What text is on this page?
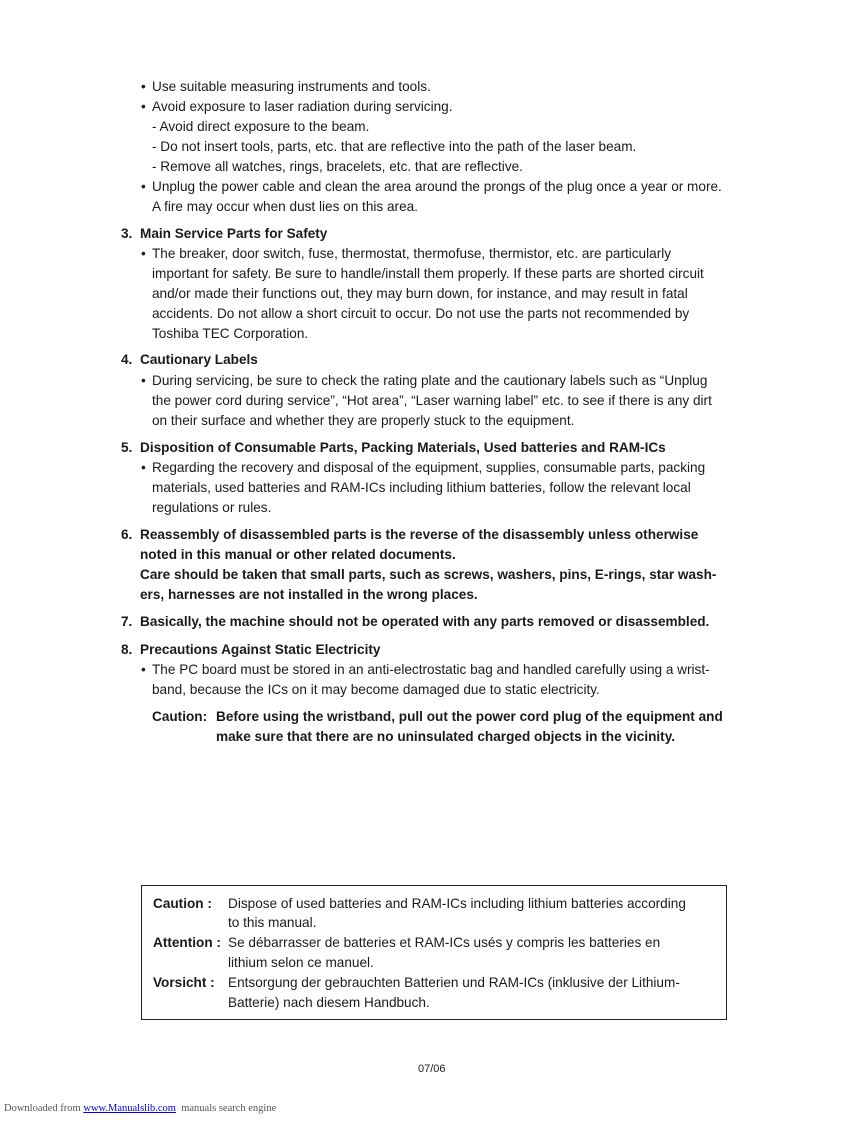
• Use suitable measuring instruments and tools.
• Avoid exposure to laser radiation during servicing.
- Avoid direct exposure to the beam.
- Do not insert tools, parts, etc. that are reflective into the path of the laser beam.
- Remove all watches, rings, bracelets, etc. that are reflective.
• Unplug the power cable and clean the area around the prongs of the plug once a year or more.
A fire may occur when dust lies on this area.
3. Main Service Parts for Safety
• The breaker, door switch, fuse, thermostat, thermofuse, thermistor, etc. are particularly
important for safety. Be sure to handle/install them properly. If these parts are shorted circuit
and/or made their functions out, they may burn down, for instance, and may result in fatal
accidents. Do not allow a short circuit to occur. Do not use the parts not recommended by
Toshiba TEC Corporation.
4. Cautionary Labels
• During servicing, be sure to check the rating plate and the cautionary labels such as “Unplug
the power cord during service”, “Hot area”, “Laser warning label” etc. to see if there is any dirt
on their surface and whether they are properly stuck to the equipment.
5. Disposition of Consumable Parts, Packing Materials, Used batteries and RAM-ICs
• Regarding the recovery and disposal of the equipment, supplies, consumable parts, packing
materials, used batteries and RAM-ICs including lithium batteries, follow the relevant local
regulations or rules.
6. Reassembly of disassembled parts is the reverse of the disassembly unless otherwise
noted in this manual or other related documents.
Care should be taken that small parts, such as screws, washers, pins, E-rings, star wash-
ers, harnesses are not installed in the wrong places.
7. Basically, the machine should not be operated with any parts removed or disassembled.
8. Precautions Against Static Electricity
• The PC board must be stored in an anti-electrostatic bag and handled carefully using a wrist-
band, because the ICs on it may become damaged due to static electricity.
Caution: Before using the wristband, pull out the power cord plug of the equipment and
make sure that there are no uninsulated charged objects in the vicinity.
Caution : Dispose of used batteries and RAM-ICs including lithium batteries according
to this manual.
Attention : Se débarrasser de batteries et RAM-ICs usés y compris les batteries en
lithium selon ce manuel.
Vorsicht : Entsorgung der gebrauchten Batterien und RAM-ICs (inklusive der Lithium-
Batterie) nach diesem Handbuch.
07/06
Downloaded from www.Manualslib.com  manuals search engine
